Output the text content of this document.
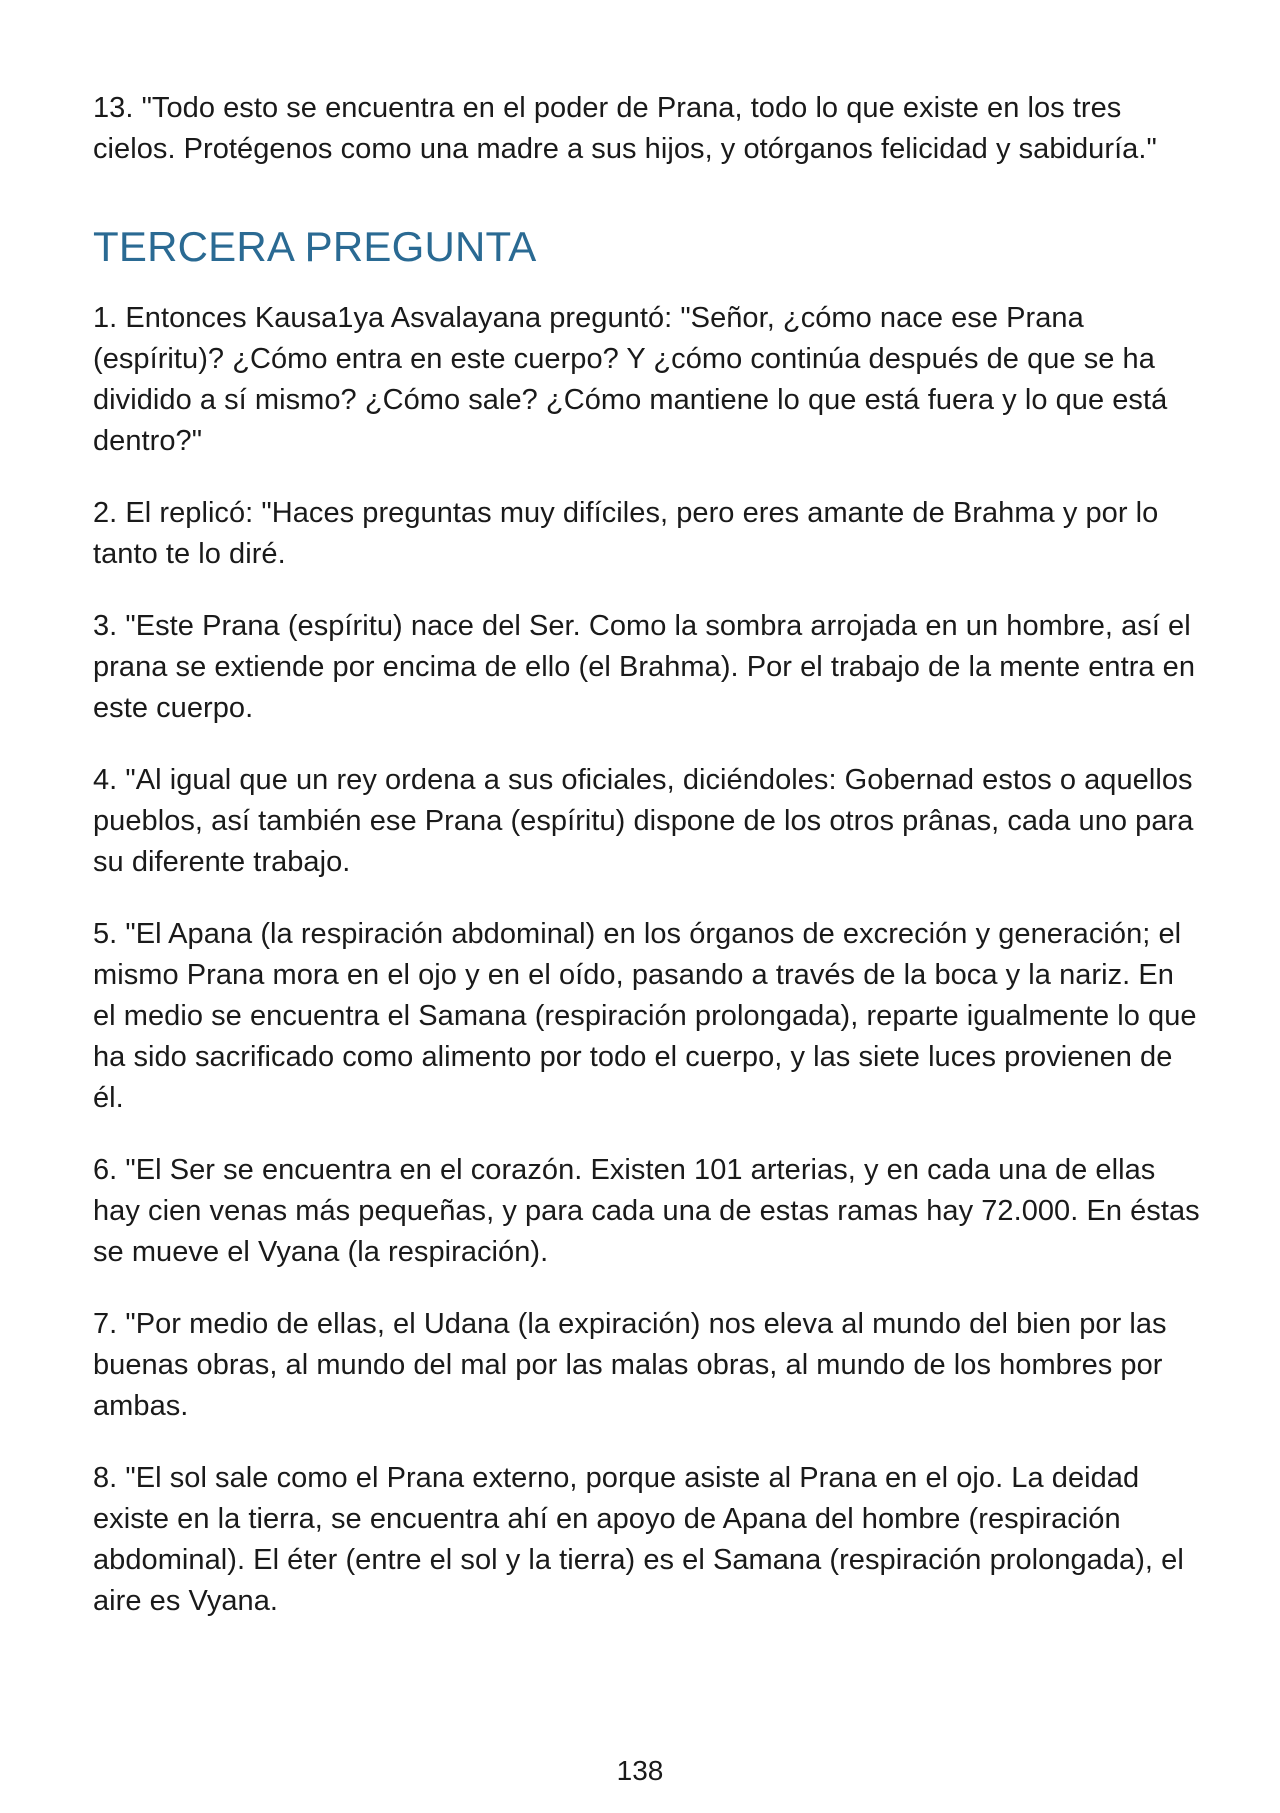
13. "Todo esto se encuentra en el poder de Prana, todo lo que existe en los tres cielos. Protégenos como una madre a sus hijos, y otórganos felicidad y sabiduría."

TERCERA PREGUNTA

1. Entonces Kausa1ya Asvalayana preguntó: "Señor, ¿cómo nace ese Prana (espíritu)? ¿Cómo entra en este cuerpo? Y ¿cómo continúa después de que se ha dividido a sí mismo? ¿Cómo sale? ¿Cómo mantiene lo que está fuera y lo que está dentro?"

2. El replicó: "Haces preguntas muy difíciles, pero eres amante de Brahma y por lo tanto te lo diré.

3. "Este Prana (espíritu) nace del Ser. Como la sombra arrojada en un hombre, así el prana se extiende por encima de ello (el Brahma). Por el trabajo de la mente entra en este cuerpo.

4. "Al igual que un rey ordena a sus oficiales, diciéndoles: Gobernad estos o aquellos pueblos, así también ese Prana (espíritu) dispone de los otros prânas, cada uno para su diferente trabajo.

5. "El Apana (la respiración abdominal) en los órganos de excreción y generación; el mismo Prana mora en el ojo y en el oído, pasando a través de la boca y la nariz. En el medio se encuentra el Samana (respiración prolongada), reparte igualmente lo que ha sido sacrificado como alimento por todo el cuerpo, y las siete luces provienen de él.

6. "El Ser se encuentra en el corazón. Existen 101 arterias, y en cada una de ellas hay cien venas más pequeñas, y para cada una de estas ramas hay 72.000. En éstas se mueve el Vyana (la respiración).

7. "Por medio de ellas, el Udana (la expiración) nos eleva al mundo del bien por las buenas obras, al mundo del mal por las malas obras, al mundo de los hombres por ambas.

8. "El sol sale como el Prana externo, porque asiste al Prana en el ojo. La deidad existe en la tierra, se encuentra ahí en apoyo de Apana del hombre (respiración abdominal). El éter (entre el sol y la tierra) es el Samana (respiración prolongada), el aire es Vyana.

138
